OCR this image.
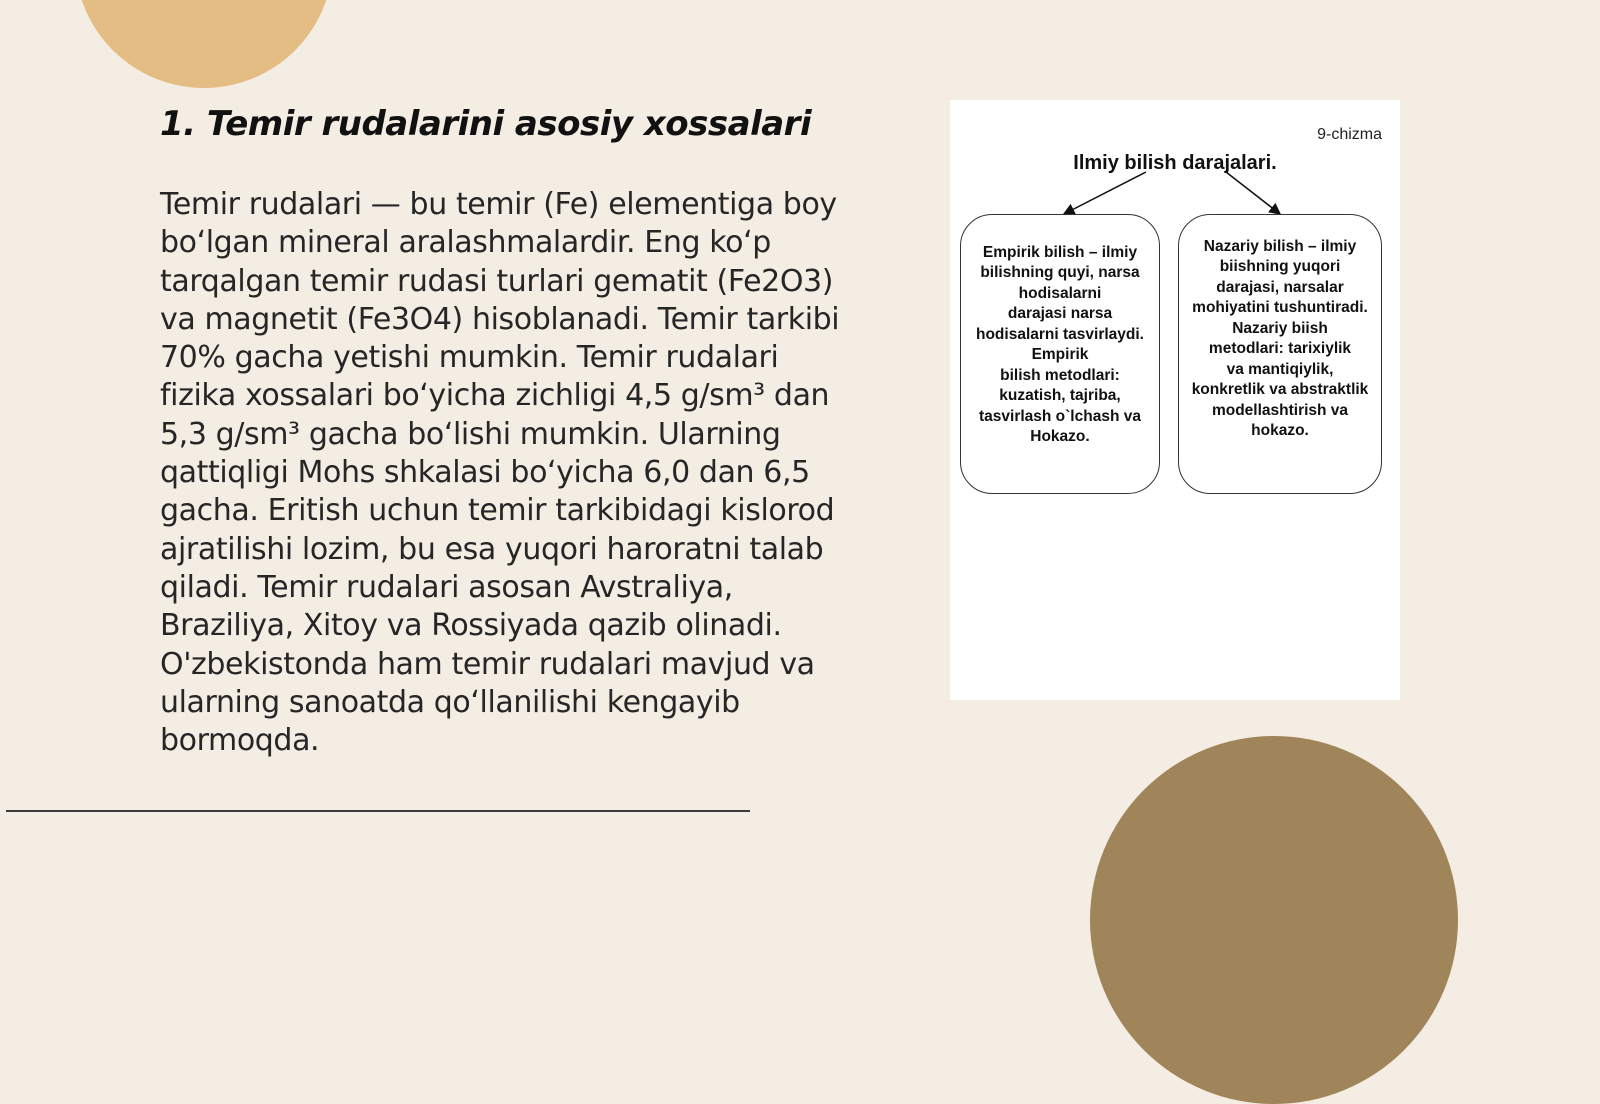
1. Temir rudalarini asosiy xossalari

Temir rudalari — bu temir (Fe) elementiga boy boʻlgan mineral aralashmalardir. Eng koʻp tarqalgan temir rudasi turlari gematit (Fe2O3) va magnetit (Fe3O4) hisoblanadi. Temir tarkibi 70% gacha yetishi mumkin. Temir rudalari fizika xossalari boʻyicha zichligi 4,5 g/sm³ dan 5,3 g/sm³ gacha boʻlishi mumkin. Ularning qattiqligi Mohs shkalasi boʻyicha 6,0 dan 6,5 gacha. Eritish uchun temir tarkibidagi kislorod ajratilishi lozim, bu esa yuqori haroratni talab qiladi. Temir rudalari asosan Avstraliya, Braziliya, Xitoy va Rossiyada qazib olinadi. O'zbekistonda ham temir rudalari mavjud va ularning sanoatda qoʻllanilishi kengayib bormoqda.

9-chizma
Ilmiy bilish darajalari.

Empirik bilish – ilmiy
bilishning quyi, narsa
hodisalarni
darajasi narsa
hodisalarni tasvirlaydi.
Empirik
bilish metodlari:
kuzatish, tajriba,
tasvirlash o`lchash va
Hokazo.

Nazariy bilish – ilmiy
biishning yuqori
darajasi, narsalar
mohiyatini tushuntiradi.
Nazariy biish
metodlari: tarixiylik
va mantiqiylik,
konkretlik va abstraktlik
modellashtirish va hokazo.
